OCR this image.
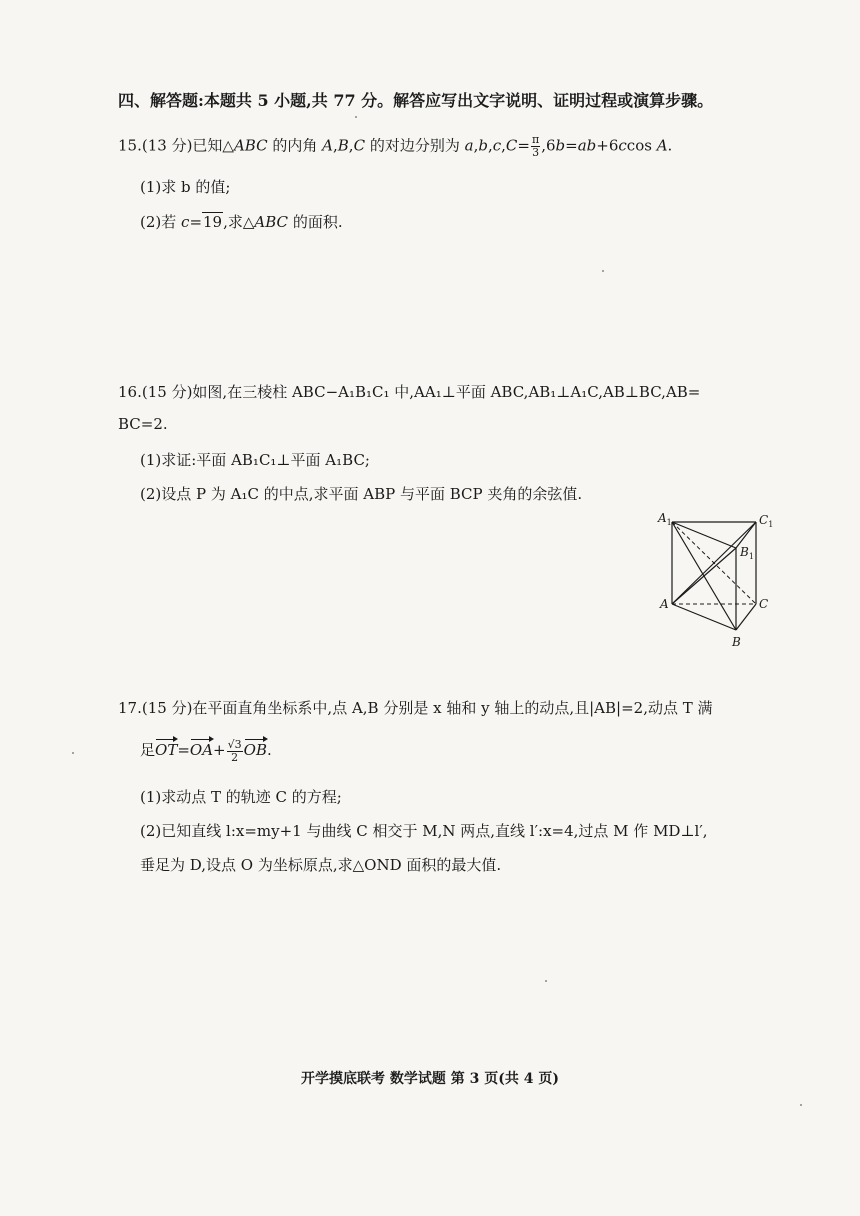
四、解答题:本题共 5 小题,共 77 分。解答应写出文字说明、证明过程或演算步骤。
15.(13 分)已知△ABC 的内角 A,B,C 的对边分别为 $a,b,c,C= \frac{\pi}{3} ,6b=ab+6ccos$ A.
(1)求 b 的值;
(2)若 c=19,求△ABC 的面积.
16.(15 分)如图,在三棱柱 ABC−A₁B₁C₁ 中,AA₁⊥平面 ABC,AB₁⊥A₁C,AB⊥BC,AB=
BC=2.
(1)求证:平面 AB₁C₁⊥平面 A₁BC;
(2)设点 P 为 A₁C 的中点,求平面 ABP 与平面 BCP 夹角的余弦值.
$A_1$	$C_1$
$B_1$
A	C
B
17.(15 分)在平面直角坐标系中,点 A,B 分别是 x 轴和 y 轴上的动点,且|AB|=2,动点 T 满
足$OT=OA+ \frac{√3}{2}$ OB.
(1)求动点 T 的轨迹 C 的方程;
(2)已知直线 l:x=my+1 与曲线 C 相交于 M,N 两点,直线 l′:x=4,过点 M 作 MD⊥l′,
垂足为 D,设点 O 为坐标原点,求△OND 面积的最大值.
开学摸底联考 数学试题 第 3 页(共 4 页)
